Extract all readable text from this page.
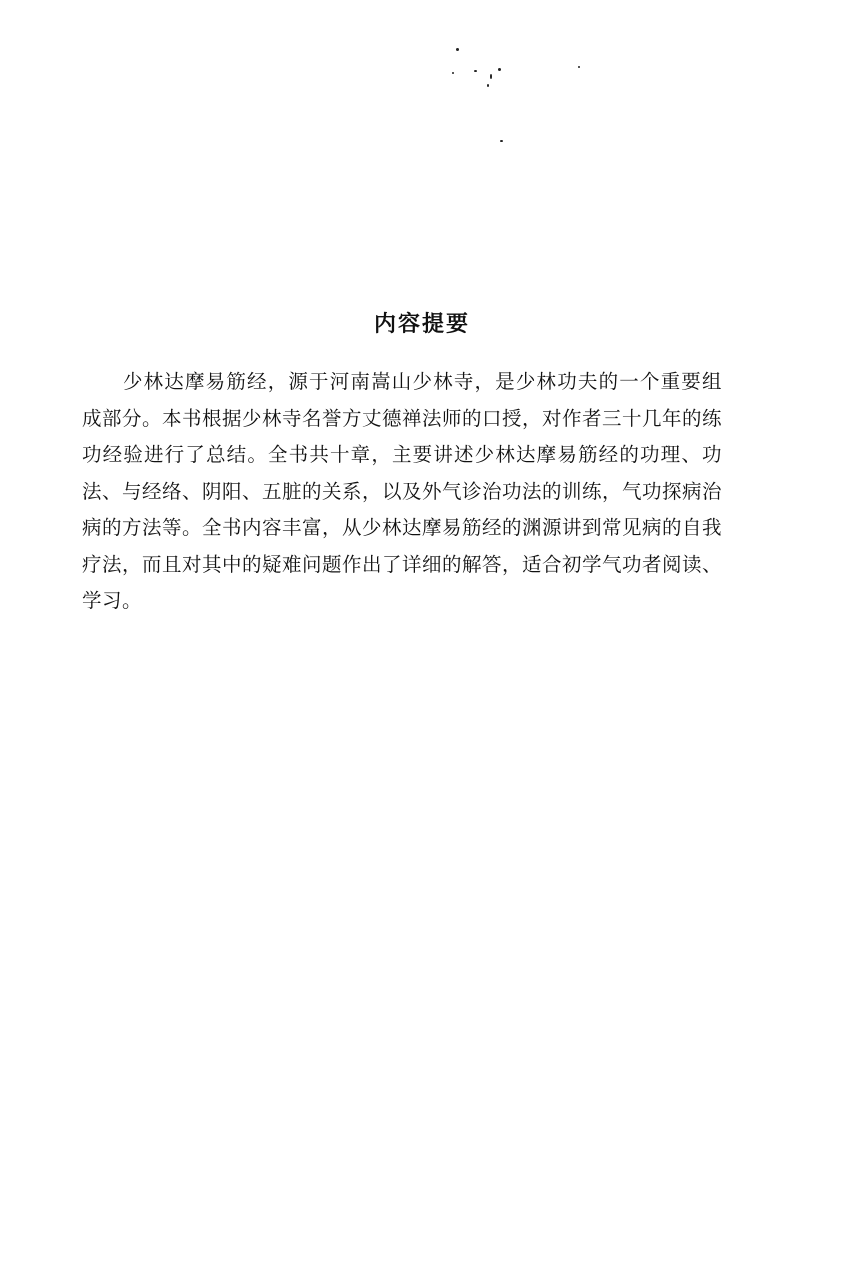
内容提要

少林达摩易筋经，源于河南嵩山少林寺，是少林功夫的一个重要组成部分。本书根据少林寺名誉方丈德禅法师的口授，对作者三十几年的练功经验进行了总结。全书共十章，主要讲述少林达摩易筋经的功理、功法、与经络、阴阳、五脏的关系，以及外气诊治功法的训练，气功探病治病的方法等。全书内容丰富，从少林达摩易筋经的渊源讲到常见病的自我疗法，而且对其中的疑难问题作出了详细的解答，适合初学气功者阅读、学习。
